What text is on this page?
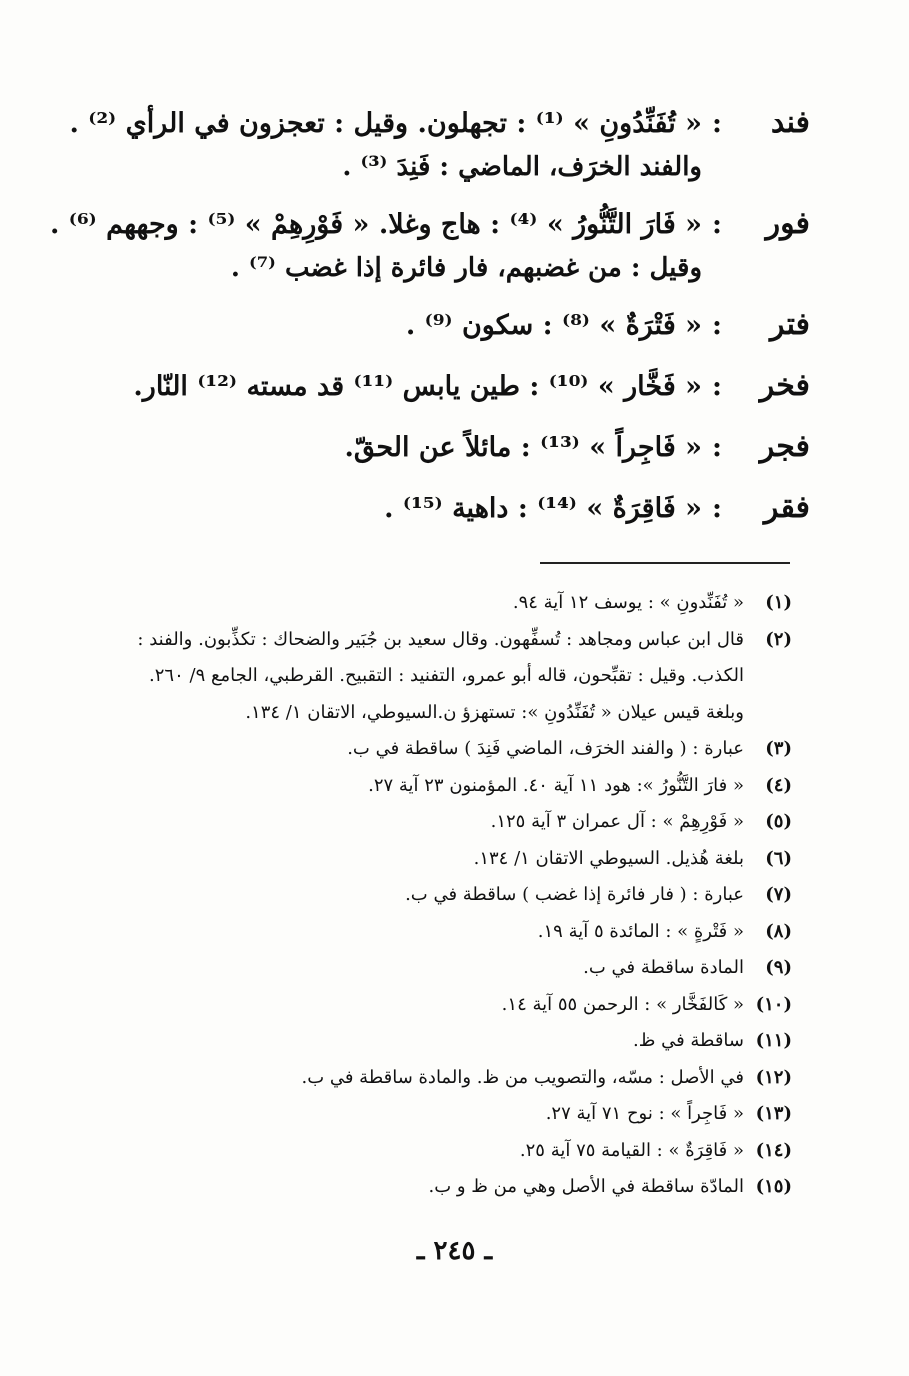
فند:« تُفَنِّدُونِ » ⁽¹⁾ : تجهلون. وقيل : تعجزون في الرأي ⁽²⁾ .
والفند الخرَف، الماضي : فَنِدَ ⁽³⁾ .
فور:« فَارَ التَّنُّورُ » ⁽⁴⁾ : هاج وغلا. « فَوْرِهِمْ » ⁽⁵⁾ : وجههم ⁽⁶⁾ .
وقيل : من غضبهم، فار فائرة إذا غضب ⁽⁷⁾ .
فتر:« فَتْرَةٌ » ⁽⁸⁾ : سكون ⁽⁹⁾ .
فخر:« فَخَّار » ⁽¹⁰⁾ : طين يابس ⁽¹¹⁾ قد مسته ⁽¹²⁾ النّار.
فجر:« فَاجِراً » ⁽¹³⁾ : مائلاً عن الحقّ.
فقر:« فَاقِرَةٌ » ⁽¹⁴⁾ : داهية ⁽¹⁵⁾ .
(١)
« تُفَنِّدونِ » : يوسف ١٢ آية ٩٤.
(٢)
قال ابن عباس ومجاهد : تُسفِّهون. وقال سعيد بن جُبَير والضحاك : تكذِّبون. والفند :
الكذب. وقيل : تقبِّحون، قاله أبو عمرو، التفنيد : التقبيح. القرطبي، الجامع ٩/ ٢٦٠.
وبلغة قيس عيلان « تُفَنِّدُونِ »: تستهزؤ ن.السيوطي، الاتقان ١/ ١٣٤.
(٣)
عبارة : ( والفند الخرَف، الماضي فَنِدَ ) ساقطة في ب.
(٤)
« فارَ التَّنُّورُ »: هود ١١ آية ٤٠. المؤمنون ٢٣ آية ٢٧.
(٥)
« فَوْرِهِمْ » : آل عمران ٣ آية ١٢٥.
(٦)
بلغة هُذيل. السيوطي الاتقان ١/ ١٣٤.
(٧)
عبارة : ( فار فائرة إذا غضب ) ساقطة في ب.
(٨)
« فَتْرةٍ » : المائدة ٥ آية ١٩.
(٩)
المادة ساقطة في ب.
(١٠)
« كَالفَخَّار » : الرحمن ٥٥ آية ١٤.
(١١)
ساقطة في ظ.
(١٢)
في الأصل : مسّه، والتصويب من ظ. والمادة ساقطة في ب.
(١٣)
« فَاجِراً » : نوح ٧١ آية ٢٧.
(١٤)
« فَاقِرَةٌ » : القيامة ٧٥ آية ٢٥.
(١٥)
المادّة ساقطة في الأصل وهي من ظ و ب.
ـ ٢٤٥ ـ
